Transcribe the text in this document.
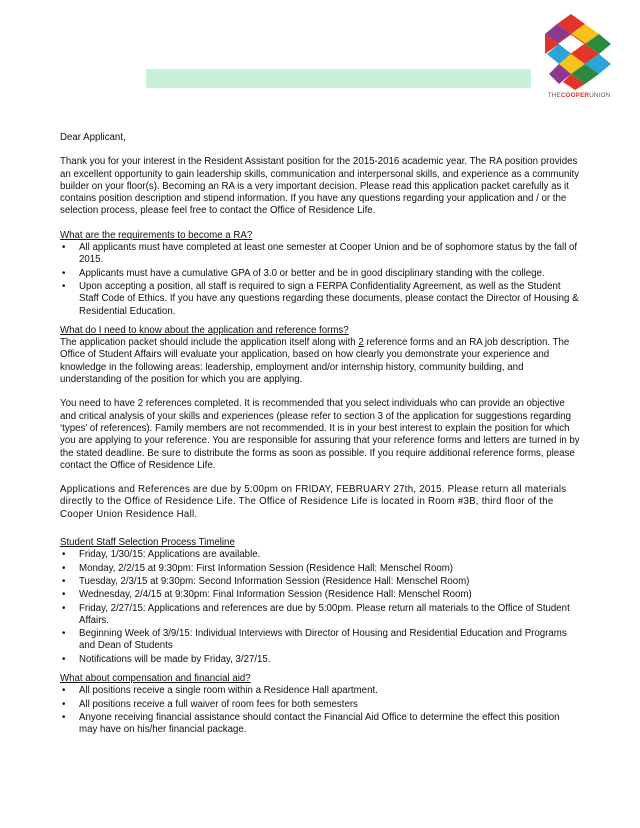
THECOOPERUNION

Dear Applicant,

Thank you for your interest in the Resident Assistant position for the 2015-2016 academic year. The RA position provides an excellent opportunity to gain leadership skills, communication and interpersonal skills, and experience as a community builder on your floor(s). Becoming an RA is a very important decision. Please read this application packet carefully as it contains position description and stipend information. If you have any questions regarding your application and / or the selection process, please feel free to contact the Office of Residence Life.

What are the requirements to become a RA?

• All applicants must have completed at least one semester at Cooper Union and be of sophomore status by the fall of 2015.
• Applicants must have a cumulative GPA of 3.0 or better and be in good disciplinary standing with the college.
• Upon accepting a position, all staff is required to sign a FERPA Confidentiality Agreement, as well as the Student Staff Code of Ethics. If you have any questions regarding these documents, please contact the Director of Housing & Residential Education.

What do I need to know about the application and reference forms?

The application packet should include the application itself along with 2 reference forms and an RA job description. The Office of Student Affairs will evaluate your application, based on how clearly you demonstrate your experience and knowledge in the following areas: leadership, employment and/or internship history, community building, and understanding of the position for which you are applying.

You need to have 2 references completed. It is recommended that you select individuals who can provide an objective and critical analysis of your skills and experiences (please refer to section 3 of the application for suggestions regarding ‘types’ of references). Family members are not recommended. It is in your best interest to explain the position for which you are applying to your reference. You are responsible for assuring that your reference forms and letters are turned in by the stated deadline. Be sure to distribute the forms as soon as possible. If you require additional reference forms, please contact the Office of Residence Life.

Applications and References are due by 5:00pm on FRIDAY, FEBRUARY 27th, 2015. Please return all materials directly to the Office of Residence Life. The Office of Residence Life is located in Room #3B, third floor of the Cooper Union Residence Hall.

Student Staff Selection Process Timeline

• Friday, 1/30/15: Applications are available.
• Monday, 2/2/15 at 9:30pm: First Information Session (Residence Hall: Menschel Room)
• Tuesday, 2/3/15 at 9:30pm: Second Information Session (Residence Hall: Menschel Room)
• Wednesday, 2/4/15 at 9:30pm: Final Information Session (Residence Hall: Menschel Room)
• Friday, 2/27/15: Applications and references are due by 5:00pm. Please return all materials to the Office of Student Affairs.
• Beginning Week of 3/9/15: Individual Interviews with Director of Housing and Residential Education and Programs and Dean of Students
• Notifications will be made by Friday, 3/27/15.

What about compensation and financial aid?

• All positions receive a single room within a Residence Hall apartment.
• All positions receive a full waiver of room fees for both semesters
• Anyone receiving financial assistance should contact the Financial Aid Office to determine the effect this position may have on his/her financial package.
